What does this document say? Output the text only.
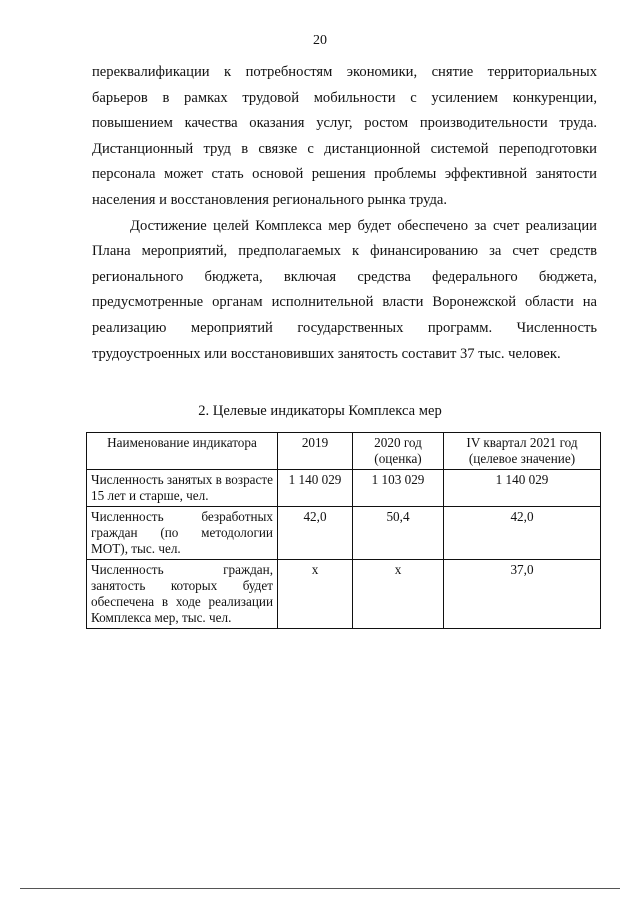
20

переквалификации к потребностям экономики, снятие территориальных барьеров в рамках трудовой мобильности с усилением конкуренции, повышением качества оказания услуг, ростом производительности труда. Дистанционный труд в связке с дистанционной системой переподготовки персонала может стать основой решения проблемы эффективной занятости населения и восстановления регионального рынка труда.

Достижение целей Комплекса мер будет обеспечено за счет реализации Плана мероприятий, предполагаемых к финансированию за счет средств регионального бюджета, включая средства федерального бюджета, предусмотренные органам исполнительной власти Воронежской области на реализацию мероприятий государственных программ. Численность трудоустроенных или восстановивших занятость составит 37 тыс. человек.

2. Целевые индикаторы Комплекса мер
Наименование индикатора	2019	2020 год (оценка)	IV квартал 2021 год (целевое значение)
Численность занятых в возрасте 15 лет и старше, чел.	1 140 029	1 103 029	1 140 029
Численность безработных граждан (по методологии МОТ), тыс. чел.	42,0	50,4	42,0
Численность граждан, занятость которых будет обеспечена в ходе реализации Комплекса мер, тыс. чел.	х	х	37,0
